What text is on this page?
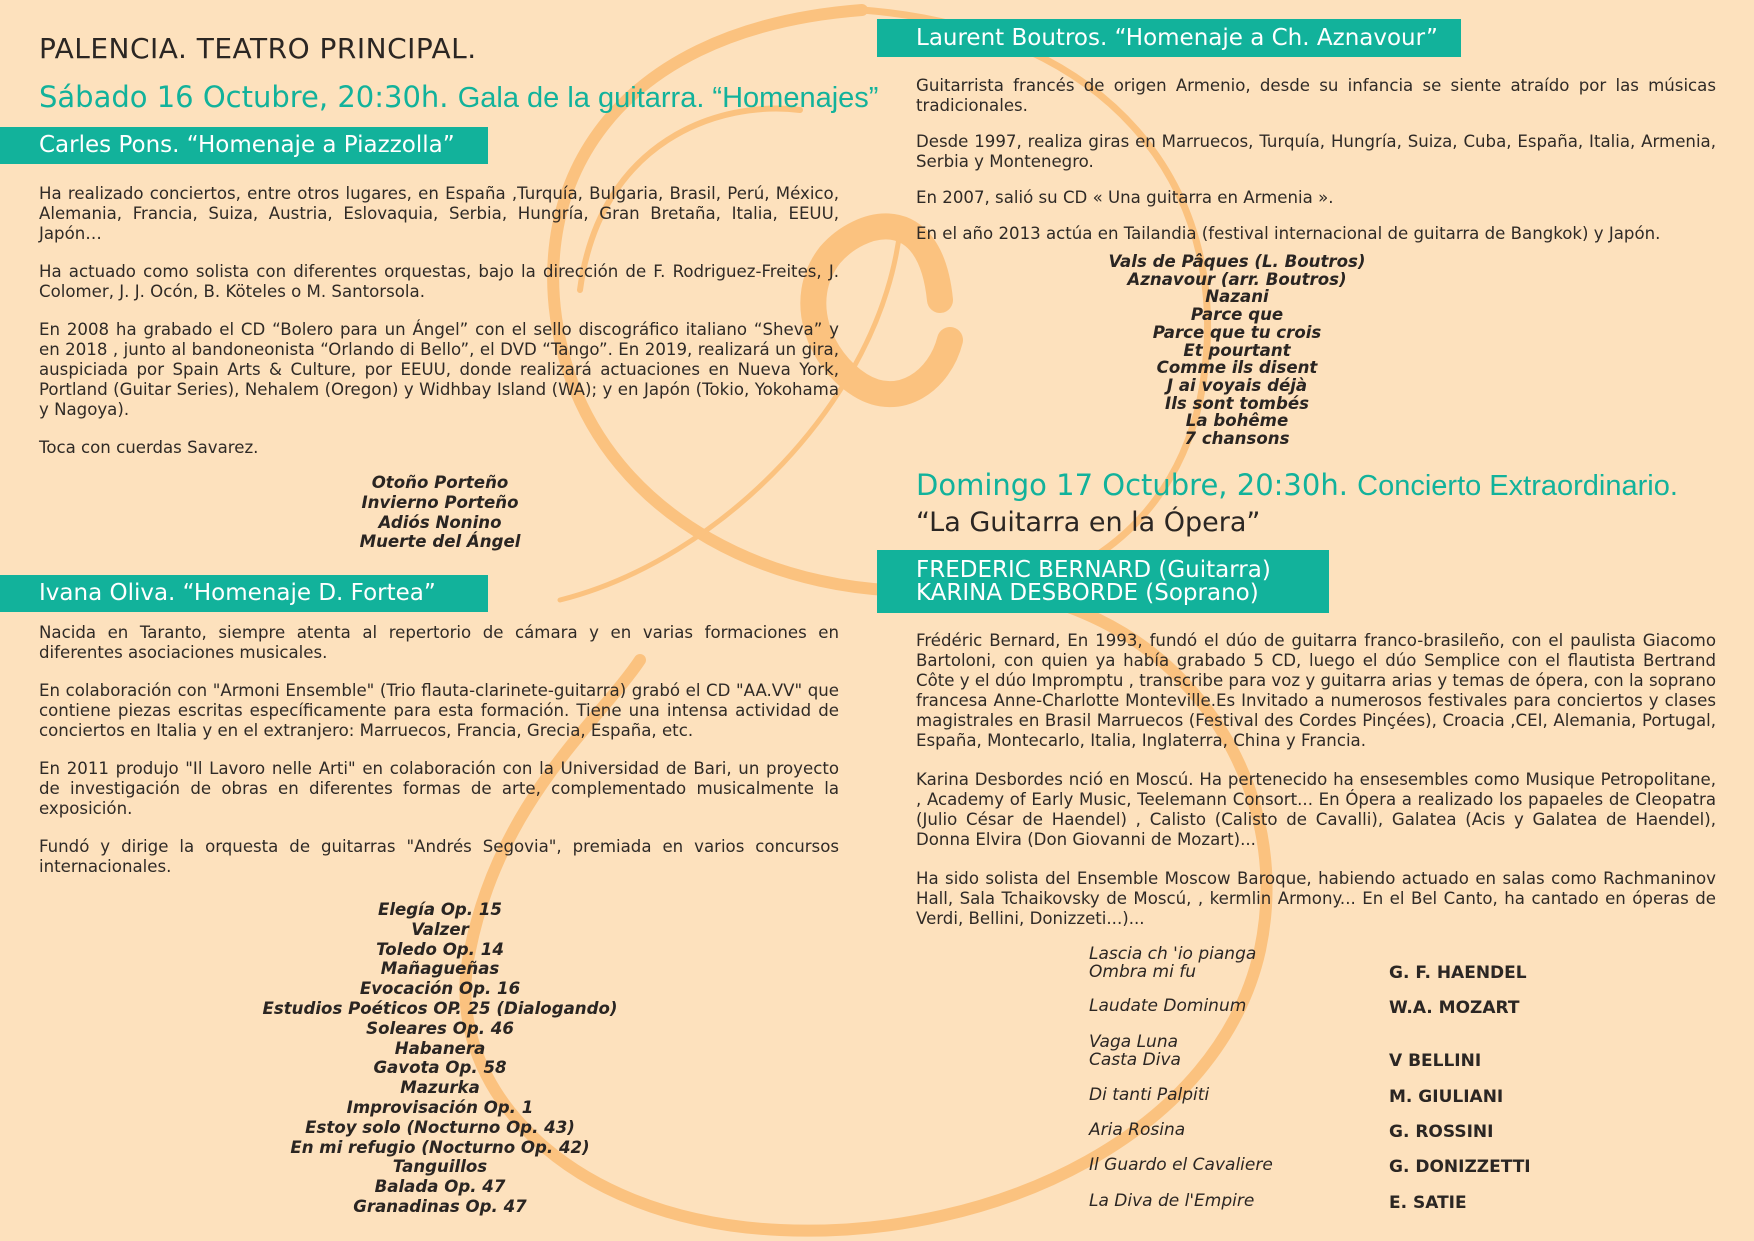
PALENCIA. TEATRO PRINCIPAL.
Sábado 16 Octubre, 20:30h. Gala de la guitarra. “Homenajes”
Carles Pons. “Homenaje a Piazzolla”

Ha realizado conciertos, entre otros lugares, en España ,Turquía, Bulgaria, Brasil, Perú, México, Alemania, Francia, Suiza, Austria, Eslovaquia, Serbia, Hungría, Gran Bretaña, Italia, EEUU, Japón…

Ha actuado como solista con diferentes orquestas, bajo la dirección de F. Rodriguez-Freites, J. Colomer, J. J. Ocón, B. Köteles o M. Santorsola.

En 2008 ha grabado el CD “Bolero para un Ángel” con el sello discográfico italiano “Sheva” y en 2018 , junto al bandoneonista “Orlando di Bello”, el DVD “Tango”. En 2019, realizará un gira, auspiciada por Spain Arts & Culture, por EEUU, donde realizará actuaciones en Nueva York, Portland (Guitar Series), Nehalem (Oregon) y Widhbay Island (WA); y en Japón (Tokio, Yokohama y Nagoya).

Toca con cuerdas Savarez.

Otoño Porteño
Invierno Porteño
Adiós Nonino
Muerte del Ángel
Ivana Oliva. “Homenaje D. Fortea”

Nacida en Taranto, siempre atenta al repertorio de cámara y en varias formaciones en diferentes asociaciones musicales.

En colaboración con "Armoni Ensemble" (Trio flauta-clarinete-guitarra) grabó el CD "AA.VV" que contiene piezas escritas específicamente para esta formación. Tiene una intensa actividad de conciertos en Italia y en el extranjero: Marruecos, Francia, Grecia, España, etc.

En 2011 produjo "Il Lavoro nelle Arti" en colaboración con la Universidad de Bari, un proyecto de investigación de obras en diferentes formas de arte, complementado musicalmente la exposición.

Fundó y dirige la orquesta de guitarras "Andrés Segovia", premiada en varios concursos internacionales.

Elegía Op. 15
Valzer
Toledo Op. 14
Mañagueñas
Evocación Op. 16
Estudios Poéticos OP. 25 (Dialogando)
Soleares Op. 46
Habanera
Gavota Op. 58
Mazurka
Improvisación Op. 1
Estoy solo (Nocturno Op. 43)
En mi refugio (Nocturno Op. 42)
Tanguillos
Balada Op. 47
Granadinas Op. 47
Laurent Boutros. “Homenaje a Ch. Aznavour”

Guitarrista francés de origen Armenio, desde su infancia se siente atraído por las músicas tradicionales.

Desde 1997, realiza giras en Marruecos, Turquía, Hungría, Suiza, Cuba, España, Italia, Armenia, Serbia y Montenegro.

En 2007, salió su CD « Una guitarra en Armenia ».

En el año 2013 actúa en Tailandia (festival internacional de guitarra de Bangkok) y Japón.

Vals de Pâques (L. Boutros)
Aznavour (arr. Boutros)
Nazani
Parce que
Parce que tu crois
Et pourtant
Comme ils disent
J ai voyais déjà
Ils sont tombés
La bohême
7 chansons
Domingo 17 Octubre, 20:30h. Concierto Extraordinario.
“La Guitarra en la Ópera”
FREDERIC BERNARD (Guitarra)
KARINA DESBORDE (Soprano)

Frédéric Bernard, En 1993, fundó el dúo de guitarra franco-brasileño, con el paulista Giacomo Bartoloni, con quien ya había grabado 5 CD, luego el dúo Semplice con el flautista Bertrand Côte y el dúo Impromptu , transcribe para voz y guitarra arias y temas de ópera, con la soprano francesa Anne-Charlotte Monteville.Es Invitado a numerosos festivales para conciertos y clases magistrales en Brasil Marruecos (Festival des Cordes Pinçées), Croacia ,CEI, Alemania, Portugal, España, Montecarlo, Italia, Inglaterra, China y Francia.

Karina Desbordes nció en Moscú. Ha pertenecido ha ensesembles como Musique Petropolitane, , Academy of Early Music, Teelemann Consort... En Ópera a realizado los papaeles de Cleopatra (Julio César de Haendel) , Calisto (Calisto de Cavalli), Galatea (Acis y Galatea de Haendel), Donna Elvira (Don Giovanni de Mozart)...

Ha sido solista del Ensemble Moscow Baroque, habiendo actuado en salas como Rachmaninov Hall, Sala Tchaikovsky de Moscú, , kermlin Armony... En el Bel Canto, ha cantado en óperas de Verdi, Bellini, Donizzeti...)...

Lascia ch 'io pianga
Ombra mi fu	G. F. HAENDEL
Laudate Dominum	W.A. MOZART
Vaga Luna
Casta Diva	V BELLINI
Di tanti Palpiti	M. GIULIANI
Aria Rosina	G. ROSSINI
Il Guardo el Cavaliere	G. DONIZZETTI
La Diva de l'Empire	E. SATIE
